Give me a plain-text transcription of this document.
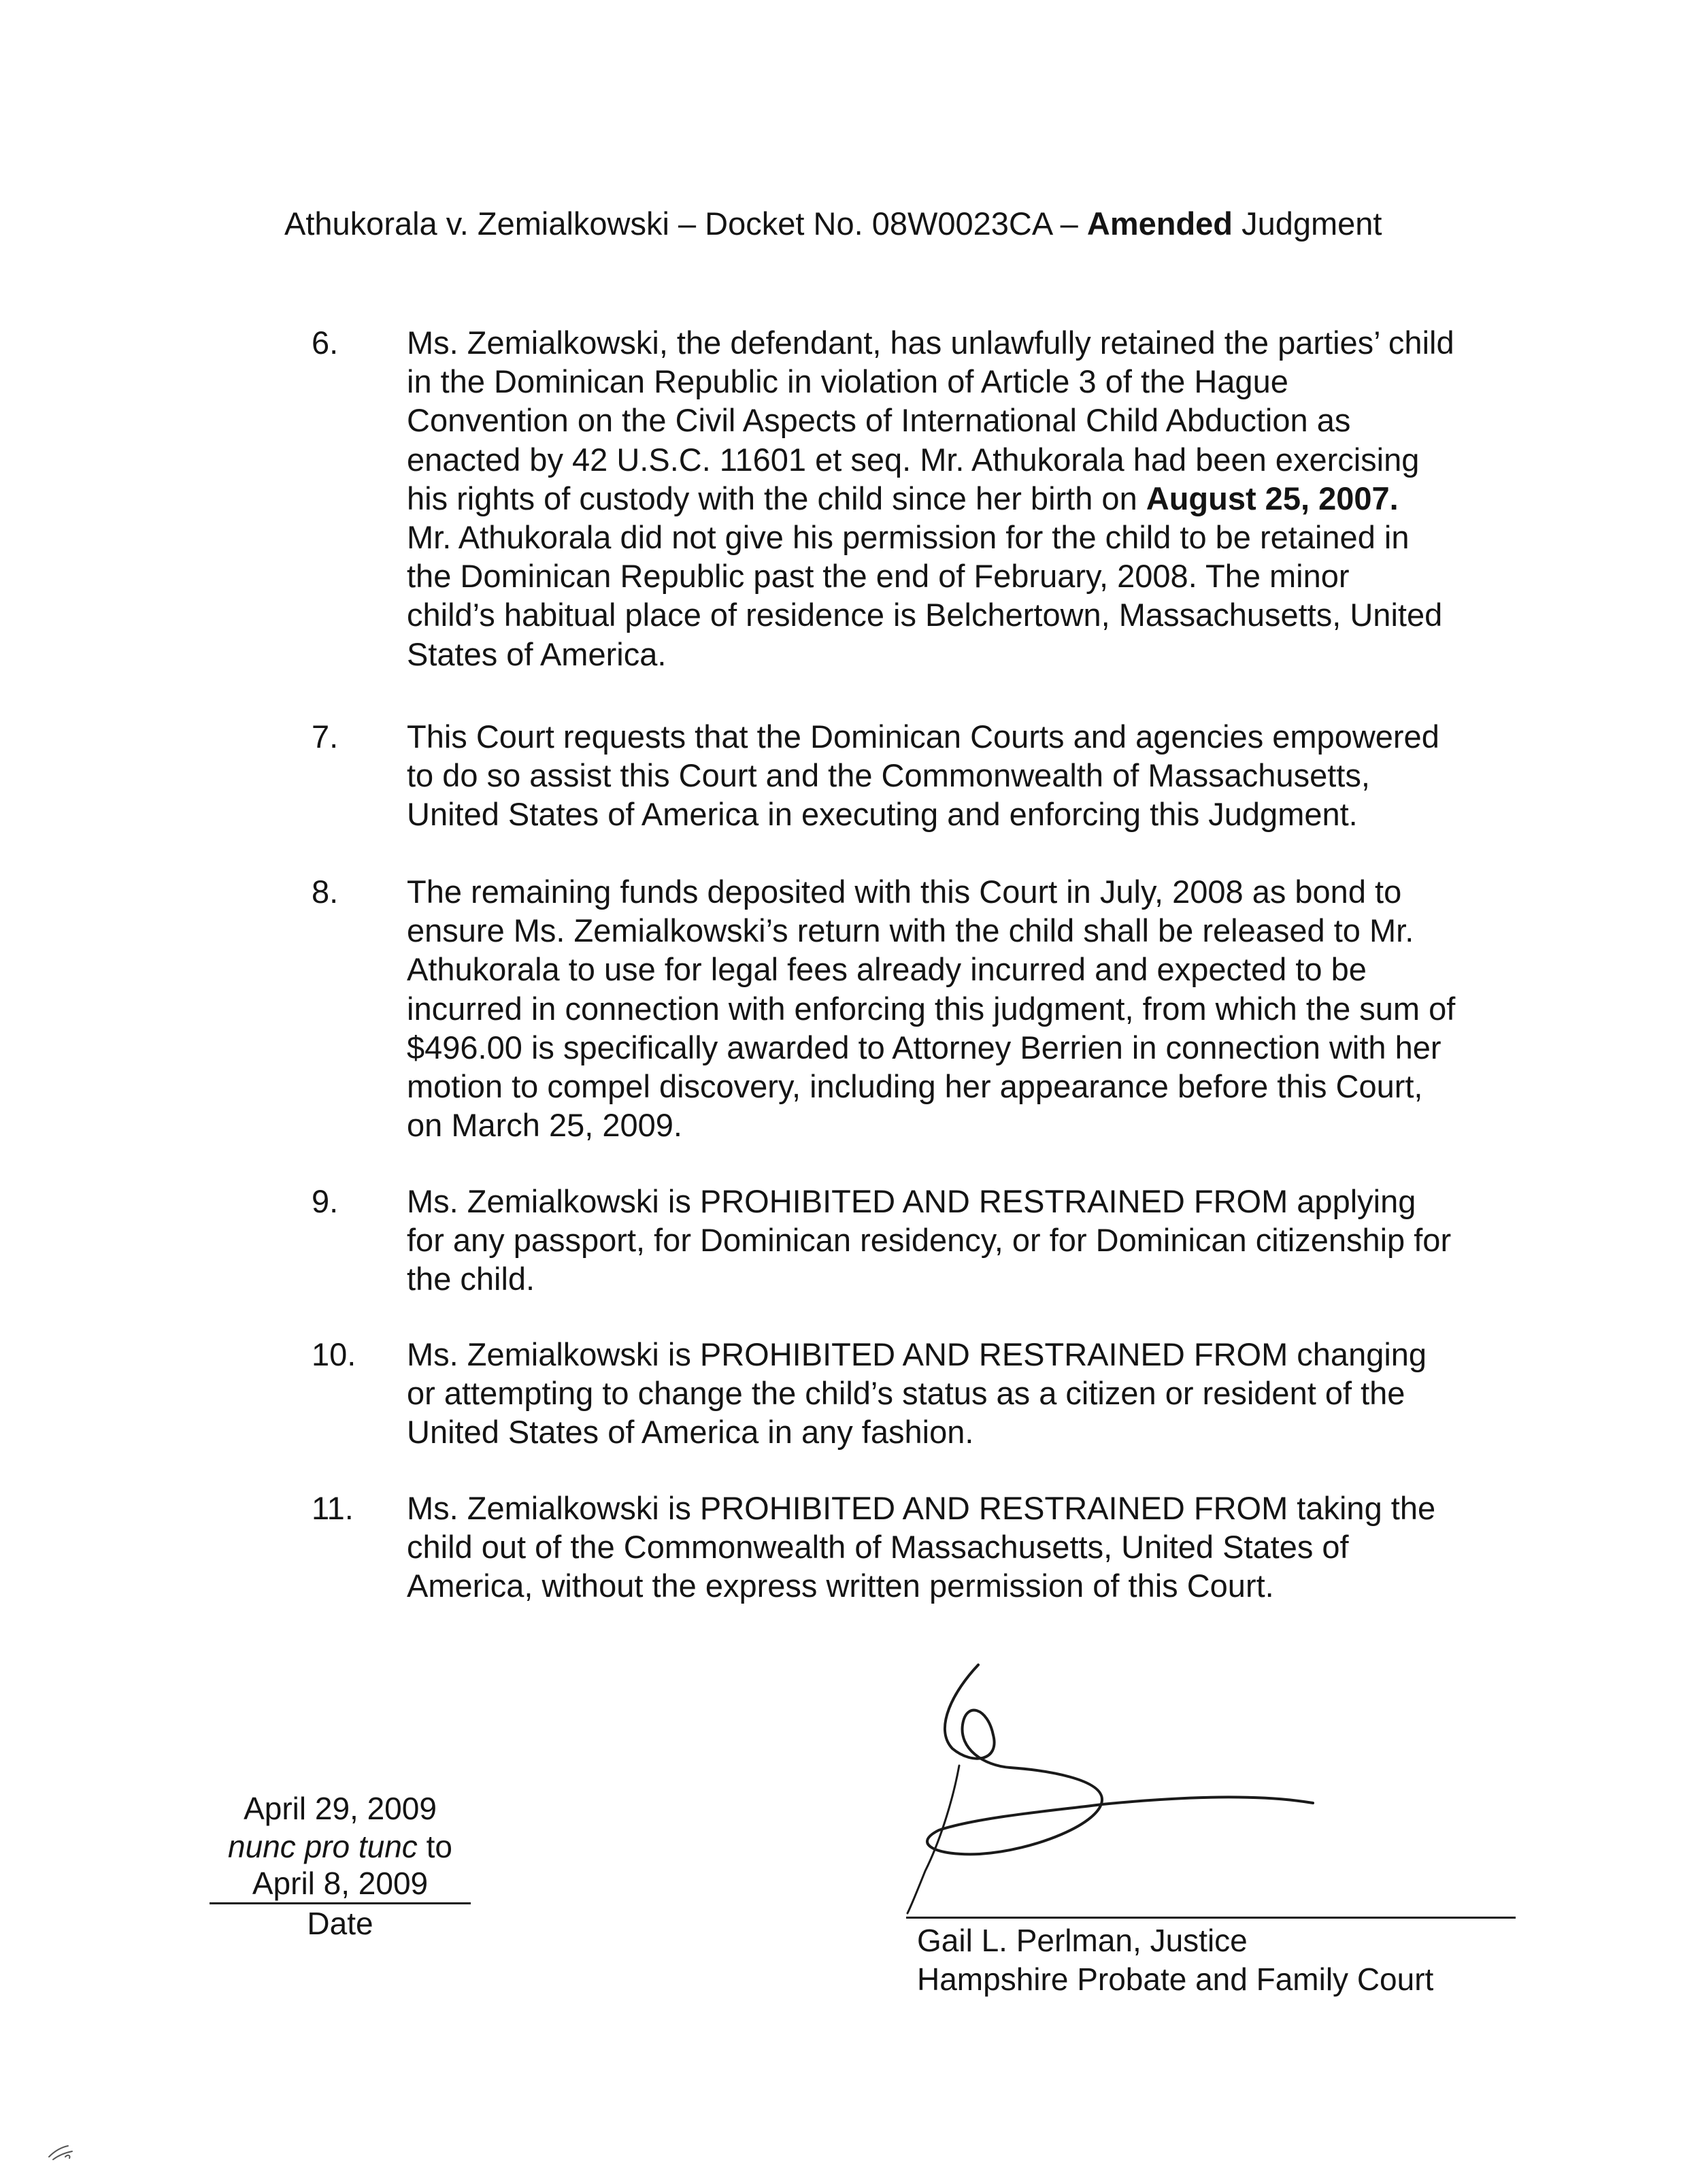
Athukorala v. Zemialkowski – Docket No. 08W0023CA – Amended Judgment
6. Ms. Zemialkowski, the defendant, has unlawfully retained the parties’ child
in the Dominican Republic in violation of Article 3 of the Hague
Convention on the Civil Aspects of International Child Abduction as
enacted by 42 U.S.C. 11601 et seq. Mr. Athukorala had been exercising
his rights of custody with the child since her birth on August 25, 2007.
Mr. Athukorala did not give his permission for the child to be retained in
the Dominican Republic past the end of February, 2008. The minor
child’s habitual place of residence is Belchertown, Massachusetts, United
States of America.
7. This Court requests that the Dominican Courts and agencies empowered
to do so assist this Court and the Commonwealth of Massachusetts,
United States of America in executing and enforcing this Judgment.
8. The remaining funds deposited with this Court in July, 2008 as bond to
ensure Ms. Zemialkowski’s return with the child shall be released to Mr.
Athukorala to use for legal fees already incurred and expected to be
incurred in connection with enforcing this judgment, from which the sum of
$496.00 is specifically awarded to Attorney Berrien in connection with her
motion to compel discovery, including her appearance before this Court,
on March 25, 2009.
9. Ms. Zemialkowski is PROHIBITED AND RESTRAINED FROM applying
for any passport, for Dominican residency, or for Dominican citizenship for
the child.
10. Ms. Zemialkowski is PROHIBITED AND RESTRAINED FROM changing
or attempting to change the child’s status as a citizen or resident of the
United States of America in any fashion.
11. Ms. Zemialkowski is PROHIBITED AND RESTRAINED FROM taking the
child out of the Commonwealth of Massachusetts, United States of
America, without the express written permission of this Court.
April 29, 2009
nunc pro tunc to
April 8, 2009
Date	Gail L. Perlman, Justice
Hampshire Probate and Family Court
